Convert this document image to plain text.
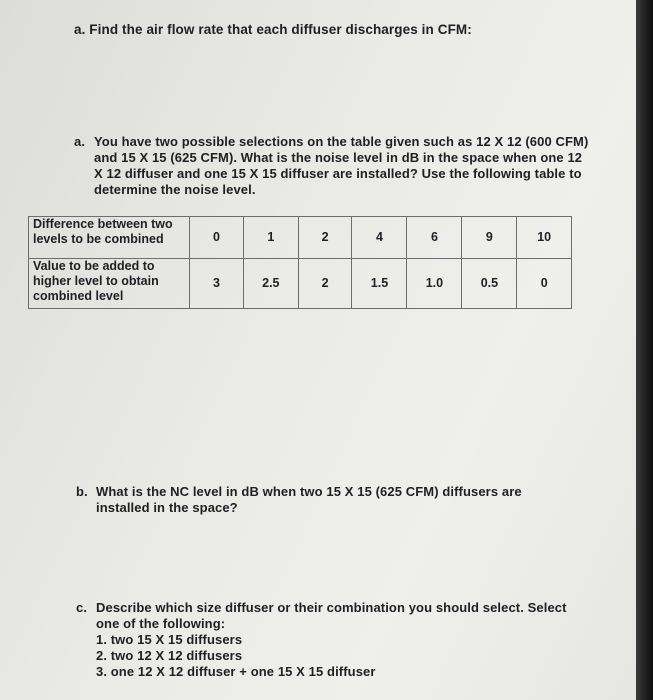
a. Find the air flow rate that each diffuser discharges in CFM:
a. You have two possible selections on the table given such as 12 X 12 (600 CFM) and 15 X 15 (625 CFM). What is the noise level in dB in the space when one 12 X 12 diffuser and one 15 X 15 diffuser are installed? Use the following table to determine the noise level.
Difference between two levels to be combined	0	1	2	4	6	9	10
Value to be added to higher level to obtain combined level	3	2.5	2	1.5	1.0	0.5	0
b. What is the NC level in dB when two 15 X 15 (625 CFM) diffusers are installed in the space?
c. Describe which size diffuser or their combination you should select. Select one of the following:
1. two 15 X 15 diffusers
2. two 12 X 12 diffusers
3. one 12 X 12 diffuser + one 15 X 15 diffuser
